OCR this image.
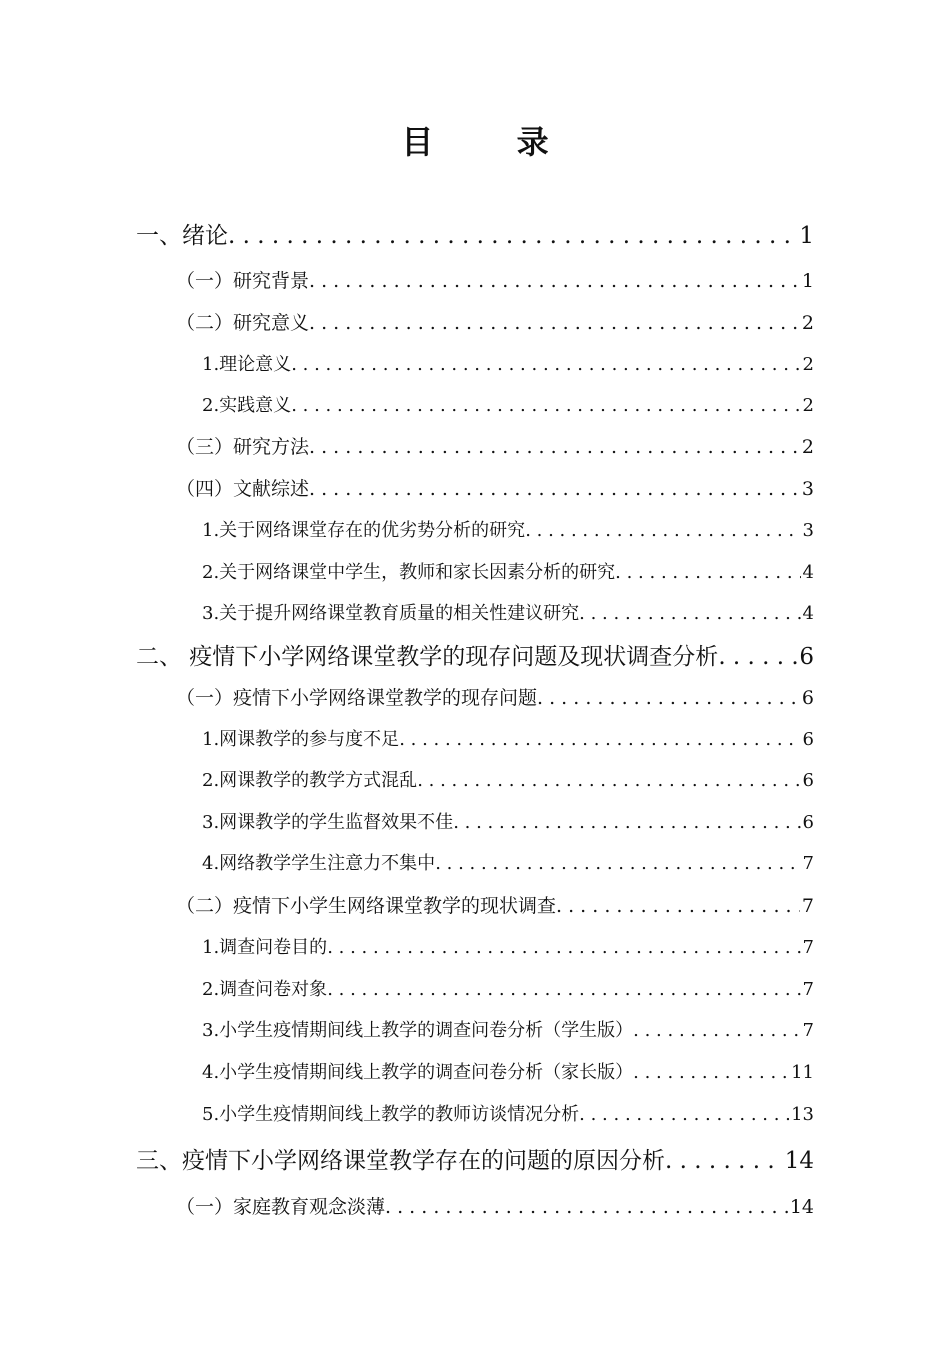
目 录
一、绪论 . . .	1
（一）研究背景 . . .	1
（二）研究意义 . . .	2
1.理论意义 . . .	2
2.实践意义 . . .	2
（三）研究方法 . . .	2
（四）文献综述 . . .	3
1.关于网络课堂存在的优劣势分析的研究 . . .	3
2.关于网络课堂中学生，教师和家长因素分析的研究 . . .	4
3.关于提升网络课堂教育质量的相关性建议研究 . . .	4
二、 疫情下小学网络课堂教学的现存问题及现状调查分析 . . .	6
（一）疫情下小学网络课堂教学的现存问题 . . .	6
1.网课教学的参与度不足 . . .	6
2.网课教学的教学方式混乱 . . .	6
3.网课教学的学生监督效果不佳 . . .	6
4.网络教学学生注意力不集中 . . .	7
（二）疫情下小学生网络课堂教学的现状调查 . . .	7
1.调查问卷目的 . . .	7
2.调查问卷对象 . . .	7
3.小学生疫情期间线上教学的调查问卷分析（学生版） . . .	7
4.小学生疫情期间线上教学的调查问卷分析（家长版） . . .	11
5.小学生疫情期间线上教学的教师访谈情况分析 . . .	13
三、疫情下小学网络课堂教学存在的问题的原因分析 . . .	14
（一）家庭教育观念淡薄 . . .	14
